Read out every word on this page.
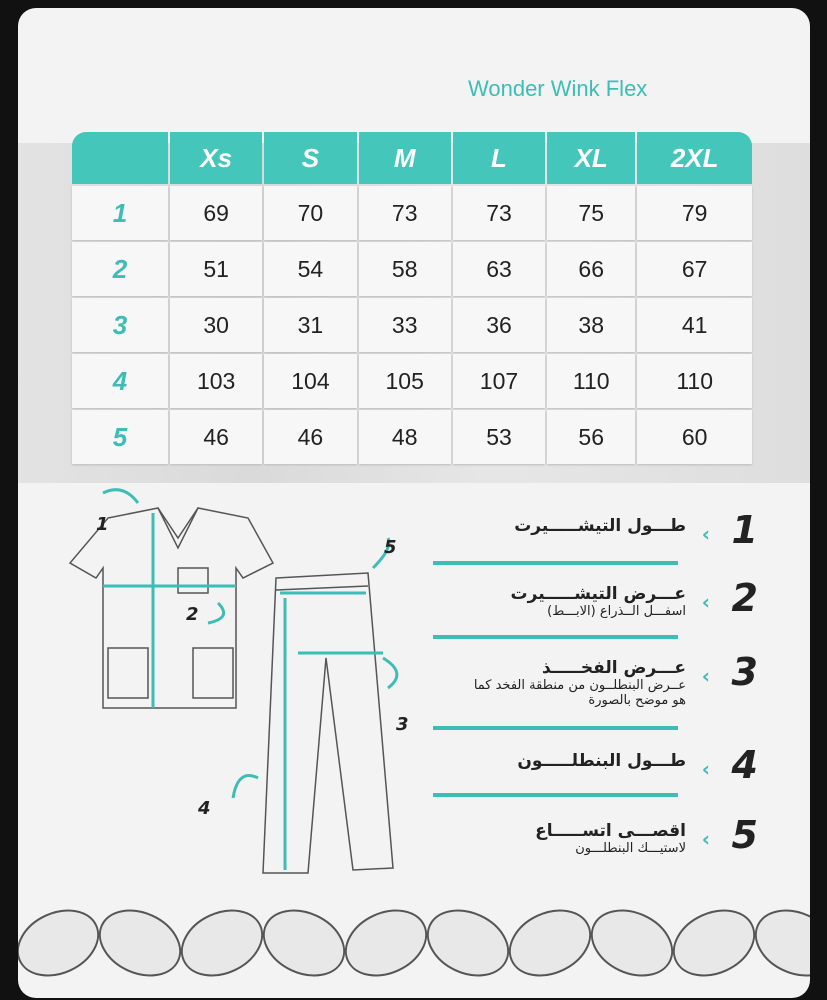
Wonder Wink Flex
	Xs	S	M	L	XL	2XL
1	69	70	73	73	75	79
2	51	54	58	63	66	67
3	30	31	33	36	38	41
4	103	104	105	107	110	110
5	46	46	48	53	56	60
1
2
3
4
5	1
‹
طـــول التيشـــــيرت
2
‹
عـــرض التيشـــــيرت
اسفـــل الــذراع (الابـــط)
3
‹
عـــرض الفخـــــذ
عــرض البنطلــون من منطقة الفخد كما هو موضح بالصورة
4
‹
طـــول البنطلـــــون
5
‹
اقصـــى اتســـــاع
لاستيـــك البنطلـــون
